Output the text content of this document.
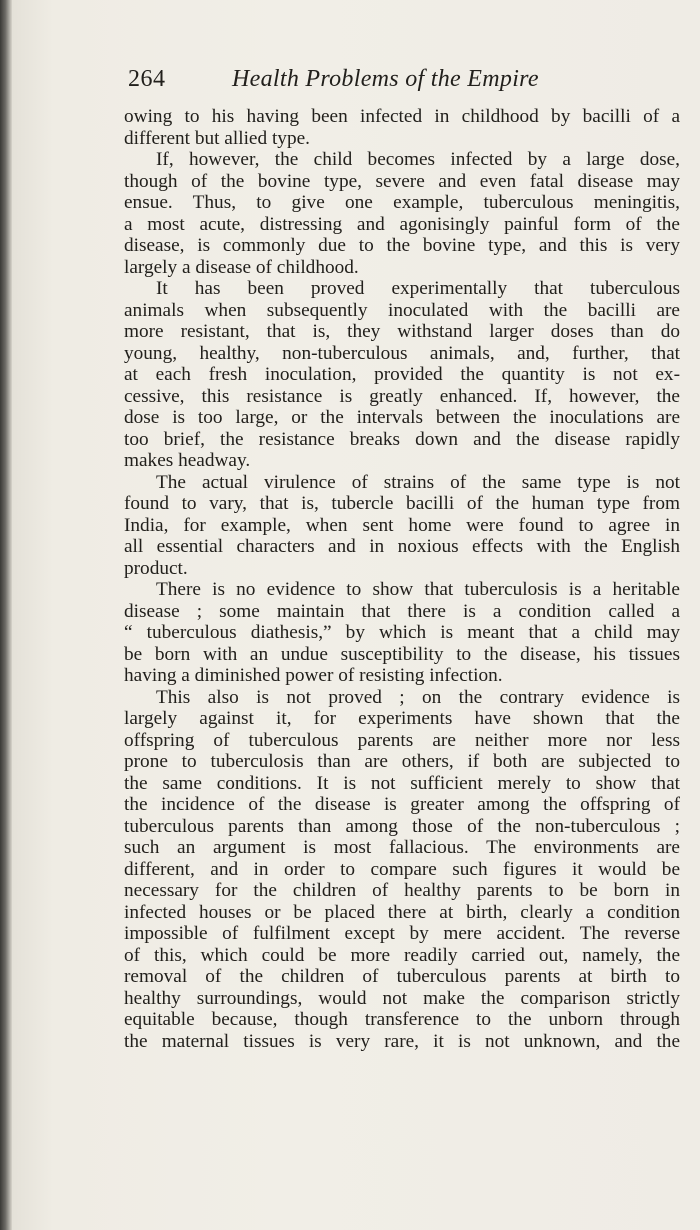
264	Health Problems of the Empire
owing to his having been infected in childhood by bacilli of a
different but allied type.
If, however, the child becomes infected by a large dose,
though of the bovine type, severe and even fatal disease may
ensue. Thus, to give one example, tuberculous meningitis,
a most acute, distressing and agonisingly painful form of the
disease, is commonly due to the bovine type, and this is very
largely a disease of childhood.
It has been proved experimentally that tuberculous
animals when subsequently inoculated with the bacilli are
more resistant, that is, they withstand larger doses than do
young, healthy, non-tuberculous animals, and, further, that
at each fresh inoculation, provided the quantity is not ex-
cessive, this resistance is greatly enhanced. If, however, the
dose is too large, or the intervals between the inoculations are
too brief, the resistance breaks down and the disease rapidly
makes headway.
The actual virulence of strains of the same type is not
found to vary, that is, tubercle bacilli of the human type from
India, for example, when sent home were found to agree in
all essential characters and in noxious effects with the English
product.
There is no evidence to show that tuberculosis is a heritable
disease ; some maintain that there is a condition called a
“ tuberculous diathesis,” by which is meant that a child may
be born with an undue susceptibility to the disease, his tissues
having a diminished power of resisting infection.
This also is not proved ; on the contrary evidence is
largely against it, for experiments have shown that the
offspring of tuberculous parents are neither more nor less
prone to tuberculosis than are others, if both are subjected to
the same conditions. It is not sufficient merely to show that
the incidence of the disease is greater among the offspring of
tuberculous parents than among those of the non-tuberculous ;
such an argument is most fallacious. The environments are
different, and in order to compare such figures it would be
necessary for the children of healthy parents to be born in
infected houses or be placed there at birth, clearly a condition
impossible of fulfilment except by mere accident. The reverse
of this, which could be more readily carried out, namely, the
removal of the children of tuberculous parents at birth to
healthy surroundings, would not make the comparison strictly
equitable because, though transference to the unborn through
the maternal tissues is very rare, it is not unknown, and the
